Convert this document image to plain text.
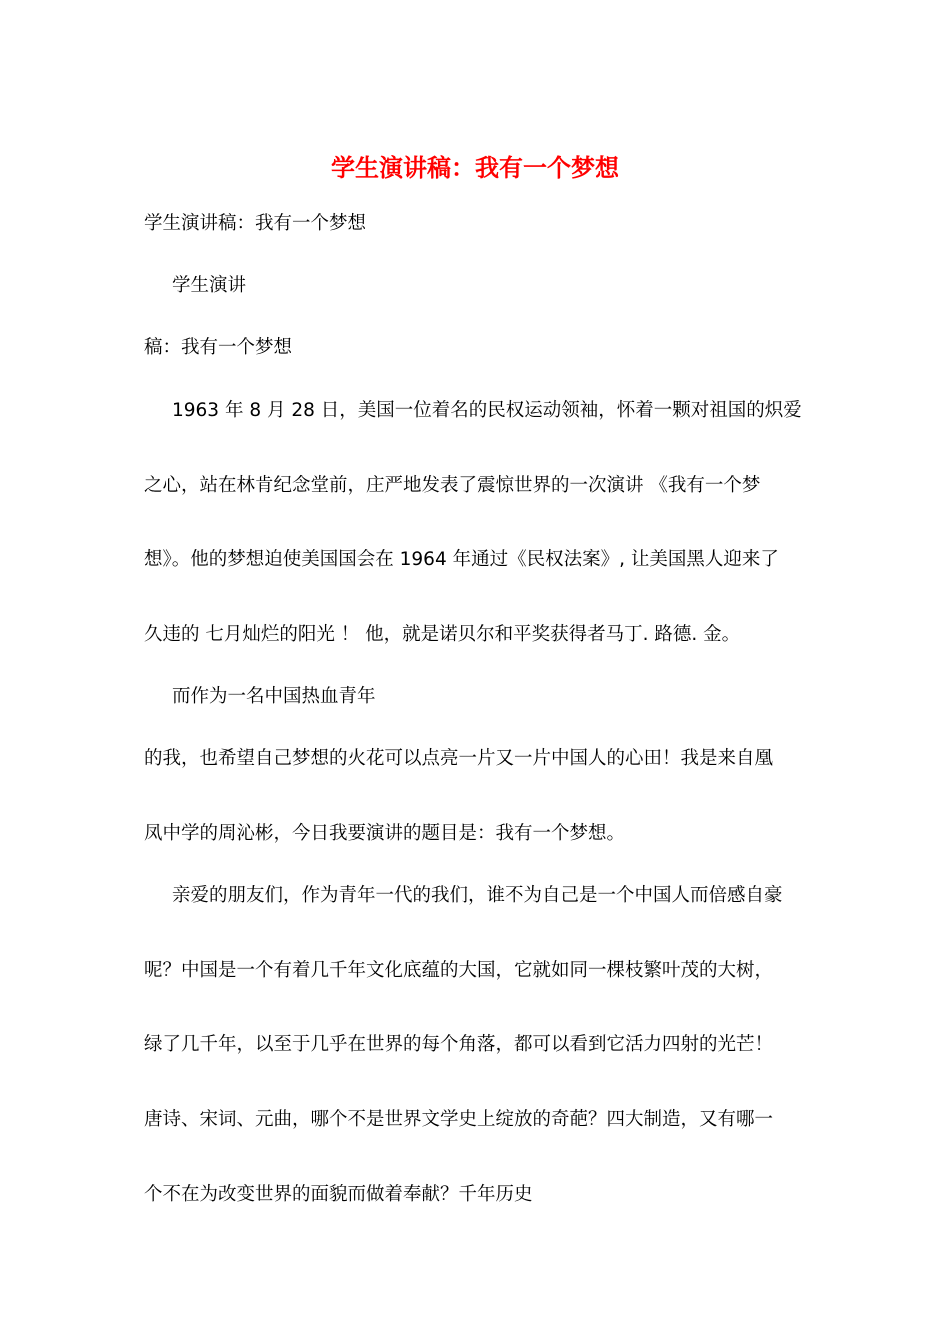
学生演讲稿：我有一个梦想
学生演讲稿：我有一个梦想
学生演讲
稿：我有一个梦想
1963 年 8 月 28 日，美国一位着名的民权运动领袖，怀着一颗对祖国的炽爱
之心，站在林肯纪念堂前，庄严地发表了震惊世界的一次演讲 《我有一个梦
想》。他的梦想迫使美国国会在 1964 年通过《民权法案》, 让美国黑人迎来了
久违的 七月灿烂的阳光 ！ 他，就是诺贝尔和平奖获得者马丁. 路德. 金。
而作为一名中国热血青年
的我，也希望自己梦想的火花可以点亮一片又一片中国人的心田！我是来自凰
凤中学的周沁彬，今日我要演讲的题目是：我有一个梦想。
亲爱的朋友们，作为青年一代的我们，谁不为自己是一个中国人而倍感自豪
呢？中国是一个有着几千年文化底蕴的大国，它就如同一棵枝繁叶茂的大树，
绿了几千年，以至于几乎在世界的每个角落，都可以看到它活力四射的光芒！
唐诗、宋词、元曲，哪个不是世界文学史上绽放的奇葩？四大制造，又有哪一
个不在为改变世界的面貌而做着奉献？千年历史
